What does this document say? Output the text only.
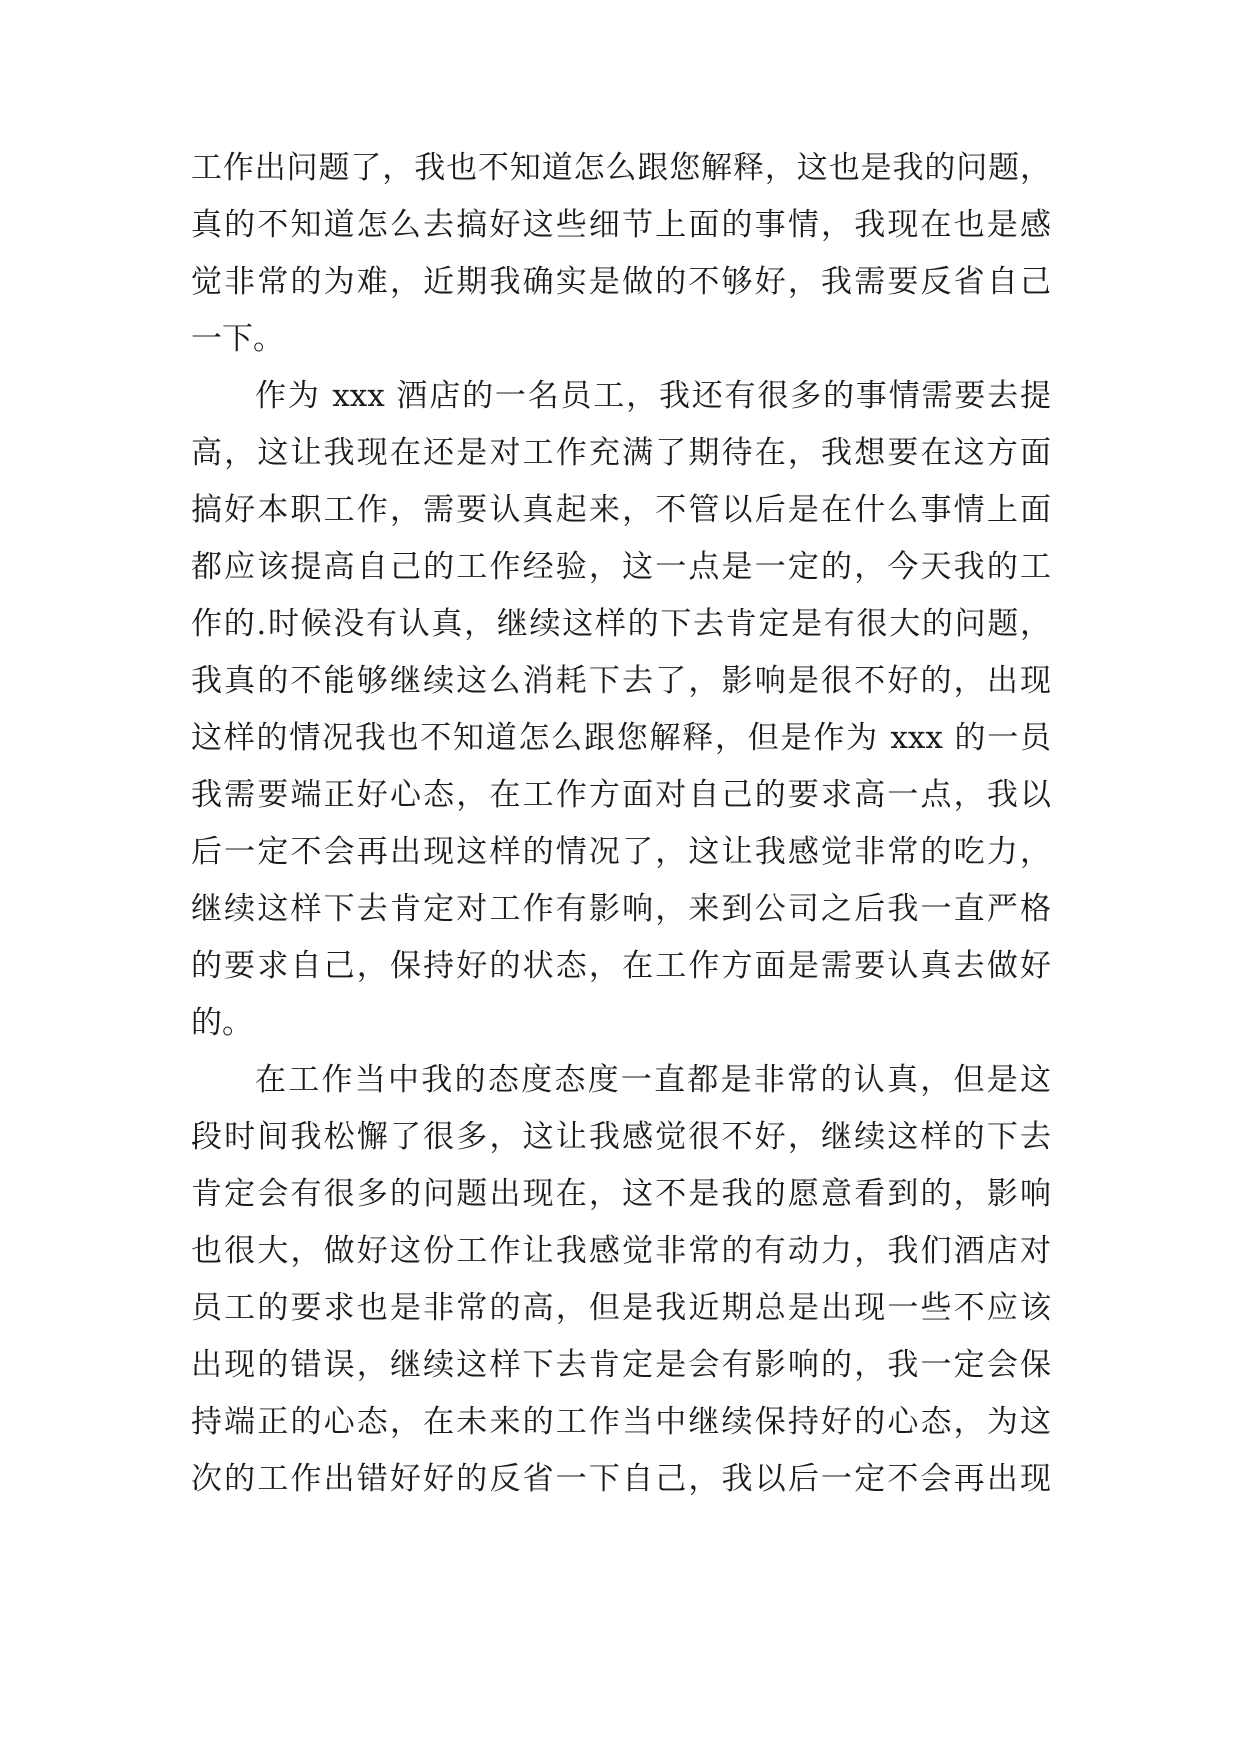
工作出问题了，我也不知道怎么跟您解释，这也是我的问题，
真的不知道怎么去搞好这些细节上面的事情，我现在也是感
觉非常的为难，近期我确实是做的不够好，我需要反省自己
一下。
作为 xxx 酒店的一名员工，我还有很多的事情需要去提
高，这让我现在还是对工作充满了期待在，我想要在这方面
搞好本职工作，需要认真起来，不管以后是在什么事情上面
都应该提高自己的工作经验，这一点是一定的，今天我的工
作的.时候没有认真，继续这样的下去肯定是有很大的问题，
我真的不能够继续这么消耗下去了，影响是很不好的，出现
这样的情况我也不知道怎么跟您解释，但是作为 xxx 的一员
我需要端正好心态，在工作方面对自己的要求高一点，我以
后一定不会再出现这样的情况了，这让我感觉非常的吃力，
继续这样下去肯定对工作有影响，来到公司之后我一直严格
的要求自己，保持好的状态，在工作方面是需要认真去做好
的。
在工作当中我的态度态度一直都是非常的认真，但是这
段时间我松懈了很多，这让我感觉很不好，继续这样的下去
肯定会有很多的问题出现在，这不是我的愿意看到的，影响
也很大，做好这份工作让我感觉非常的有动力，我们酒店对
员工的要求也是非常的高，但是我近期总是出现一些不应该
出现的错误，继续这样下去肯定是会有影响的，我一定会保
持端正的心态，在未来的工作当中继续保持好的心态，为这
次的工作出错好好的反省一下自己，我以后一定不会再出现
